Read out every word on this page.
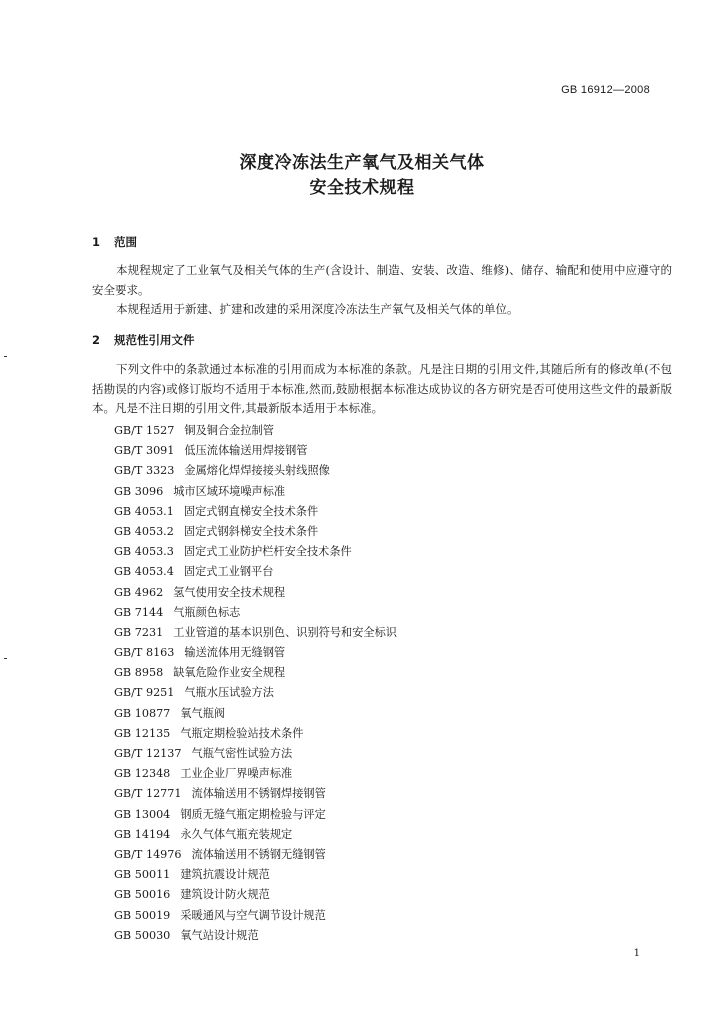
GB 16912—2008
深度冷冻法生产氧气及相关气体
安全技术规程
1 范围

本规程规定了工业氧气及相关气体的生产(含设计、制造、安装、改造、维修)、储存、输配和使用中应遵守的安全要求。

本规程适用于新建、扩建和改建的采用深度冷冻法生产氧气及相关气体的单位。

2 规范性引用文件

下列文件中的条款通过本标准的引用而成为本标准的条款。凡是注日期的引用文件,其随后所有的修改单(不包括勘误的内容)或修订版均不适用于本标准,然而,鼓励根据本标准达成协议的各方研究是否可使用这些文件的最新版本。凡是不注日期的引用文件,其最新版本适用于本标准。

GB/T 1527 铜及铜合金拉制管
GB/T 3091 低压流体输送用焊接钢管
GB/T 3323 金属熔化焊焊接接头射线照像
GB 3096 城市区域环境噪声标准
GB 4053.1 固定式钢直梯安全技术条件
GB 4053.2 固定式钢斜梯安全技术条件
GB 4053.3 固定式工业防护栏杆安全技术条件
GB 4053.4 固定式工业钢平台
GB 4962 氢气使用安全技术规程
GB 7144 气瓶颜色标志
GB 7231 工业管道的基本识别色、识别符号和安全标识
GB/T 8163 输送流体用无缝钢管
GB 8958 缺氧危险作业安全规程
GB/T 9251 气瓶水压试验方法
GB 10877 氧气瓶阀
GB 12135 气瓶定期检验站技术条件
GB/T 12137 气瓶气密性试验方法
GB 12348 工业企业厂界噪声标准
GB/T 12771 流体输送用不锈钢焊接钢管
GB 13004 钢质无缝气瓶定期检验与评定
GB 14194 永久气体气瓶充装规定
GB/T 14976 流体输送用不锈钢无缝钢管
GB 50011 建筑抗震设计规范
GB 50016 建筑设计防火规范
GB 50019 采暖通风与空气调节设计规范
GB 50030 氧气站设计规范
1
